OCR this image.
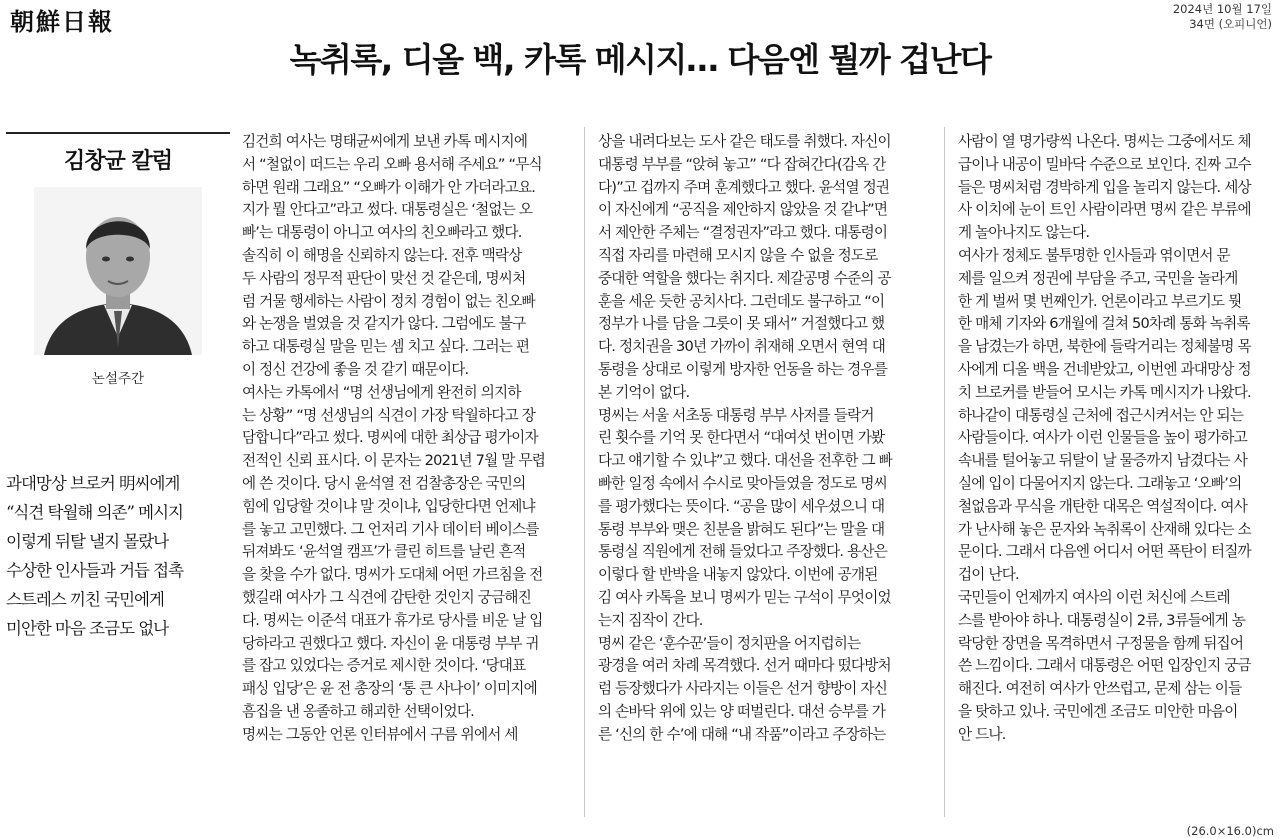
朝鮮日報	2024년 10월 17일
34면 (오피니언)
녹취록, 디올 백, 카톡 메시지… 다음엔 뭘까 겁난다
김창균 칼럼
논설주간
과대망상 브로커 明씨에게
“식견 탁월해 의존” 메시지
이렇게 뒤탈 낼지 몰랐나
수상한 인사들과 거듭 접촉
스트레스 끼친 국민에게
미안한 마음 조금도 없나
김건희 여사는 명태균씨에게 보낸 카톡 메시지에
서 “철없이 떠드는 우리 오빠 용서해 주세요” “무식
하면 원래 그래요” “오빠가 이해가 안 가더라고요.
지가 뭘 안다고”라고 썼다. 대통령실은 ‘철없는 오
빠’는 대통령이 아니고 여사의 친오빠라고 했다.
솔직히 이 해명을 신뢰하지 않는다. 전후 맥락상
두 사람의 정무적 판단이 맞선 것 같은데, 명씨처
럼 거물 행세하는 사람이 정치 경험이 없는 친오빠
와 논쟁을 벌였을 것 같지가 않다. 그럼에도 불구
하고 대통령실 말을 믿는 셈 치고 싶다. 그러는 편
이 정신 건강에 좋을 것 같기 때문이다.
여사는 카톡에서 “명 선생님에게 완전히 의지하
는 상황” “명 선생님의 식견이 가장 탁월하다고 장
담합니다”라고 썼다. 명씨에 대한 최상급 평가이자
전적인 신뢰 표시다. 이 문자는 2021년 7월 말 무렵
에 쓴 것이다. 당시 윤석열 전 검찰총장은 국민의
힘에 입당할 것이냐 말 것이냐, 입당한다면 언제냐
를 놓고 고민했다. 그 언저리 기사 데이터 베이스를
뒤져봐도 ‘윤석열 캠프’가 클린 히트를 날린 흔적
을 찾을 수가 없다. 명씨가 도대체 어떤 가르침을 전
했길래 여사가 그 식견에 감탄한 것인지 궁금해진
다. 명씨는 이준석 대표가 휴가로 당사를 비운 날 입
당하라고 권했다고 했다. 자신이 윤 대통령 부부 귀
를 잡고 있었다는 증거로 제시한 것이다. ‘당대표
패싱 입당’은 윤 전 총장의 ‘통 큰 사나이’ 이미지에
흠집을 낸 옹졸하고 해괴한 선택이었다.
명씨는 그동안 언론 인터뷰에서 구름 위에서 세
상을 내려다보는 도사 같은 태도를 취했다. 자신이
대통령 부부를 “앉혀 놓고” “다 잡혀간다(감옥 간
다)”고 겁까지 주며 훈계했다고 했다. 윤석열 정권
이 자신에게 “공직을 제안하지 않았을 것 같냐”면
서 제안한 주체는 “결정권자”라고 했다. 대통령이
직접 자리를 마련해 모시지 않을 수 없을 정도로
중대한 역할을 했다는 취지다. 제갈공명 수준의 공
훈을 세운 듯한 공치사다. 그런데도 불구하고 “이
정부가 나를 담을 그릇이 못 돼서” 거절했다고 했
다. 정치권을 30년 가까이 취재해 오면서 현역 대
통령을 상대로 이렇게 방자한 언동을 하는 경우를
본 기억이 없다.
명씨는 서울 서초동 대통령 부부 사저를 들락거
린 횟수를 기억 못 한다면서 “대여섯 번이면 가봤
다고 얘기할 수 있냐”고 했다. 대선을 전후한 그 빠
빠한 일정 속에서 수시로 맞아들였을 정도로 명씨
를 평가했다는 뜻이다. “공을 많이 세우셨으니 대
통령 부부와 맺은 친분을 밝혀도 된다”는 말을 대
통령실 직원에게 전해 들었다고 주장했다. 용산은
이렇다 할 반박을 내놓지 않았다. 이번에 공개된
김 여사 카톡을 보니 명씨가 믿는 구석이 무엇이었
는지 짐작이 간다.
명씨 같은 ‘훈수꾼’들이 정치판을 어지럽히는
광경을 여러 차례 목격했다. 선거 때마다 떴다방처
럼 등장했다가 사라지는 이들은 선거 향방이 자신
의 손바닥 위에 있는 양 떠벌린다. 대선 승부를 가
른 ‘신의 한 수’에 대해 “내 작품”이라고 주장하는
사람이 열 명가량씩 나온다. 명씨는 그중에서도 체
급이나 내공이 밀바닥 수준으로 보인다. 진짜 고수
들은 명씨처럼 경박하게 입을 놀리지 않는다. 세상
사 이치에 눈이 트인 사람이라면 명씨 같은 부류에
게 놀아나지도 않는다.
여사가 정체도 불투명한 인사들과 엮이면서 문
제를 일으켜 정권에 부담을 주고, 국민을 놀라게
한 게 벌써 몇 번째인가. 언론이라고 부르기도 뭣
한 매체 기자와 6개월에 걸쳐 50차례 통화 녹취록
을 남겼는가 하면, 북한에 들락거리는 정체불명 목
사에게 디올 백을 건네받았고, 이번엔 과대망상 정
치 브로커를 받들어 모시는 카톡 메시지가 나왔다.
하나같이 대통령실 근처에 접근시켜서는 안 되는
사람들이다. 여사가 이런 인물들을 높이 평가하고
속내를 털어놓고 뒤탈이 날 물증까지 남겼다는 사
실에 입이 다물어지지 않는다. 그래놓고 ‘오빠’의
철없음과 무식을 개탄한 대목은 역설적이다. 여사
가 난사해 놓은 문자와 녹취록이 산재해 있다는 소
문이다. 그래서 다음엔 어디서 어떤 폭탄이 터질까
겁이 난다.
국민들이 언제까지 여사의 이런 처신에 스트레
스를 받아야 하나. 대통령실이 2류, 3류들에게 농
락당한 장면을 목격하면서 구정물을 함께 뒤집어
쓴 느낌이다. 그래서 대통령은 어떤 입장인지 궁금
해진다. 여전히 여사가 안쓰럽고, 문제 삼는 이들
을 탓하고 있나. 국민에겐 조금도 미안한 마음이
안 드나.
(26.0×16.0)cm
